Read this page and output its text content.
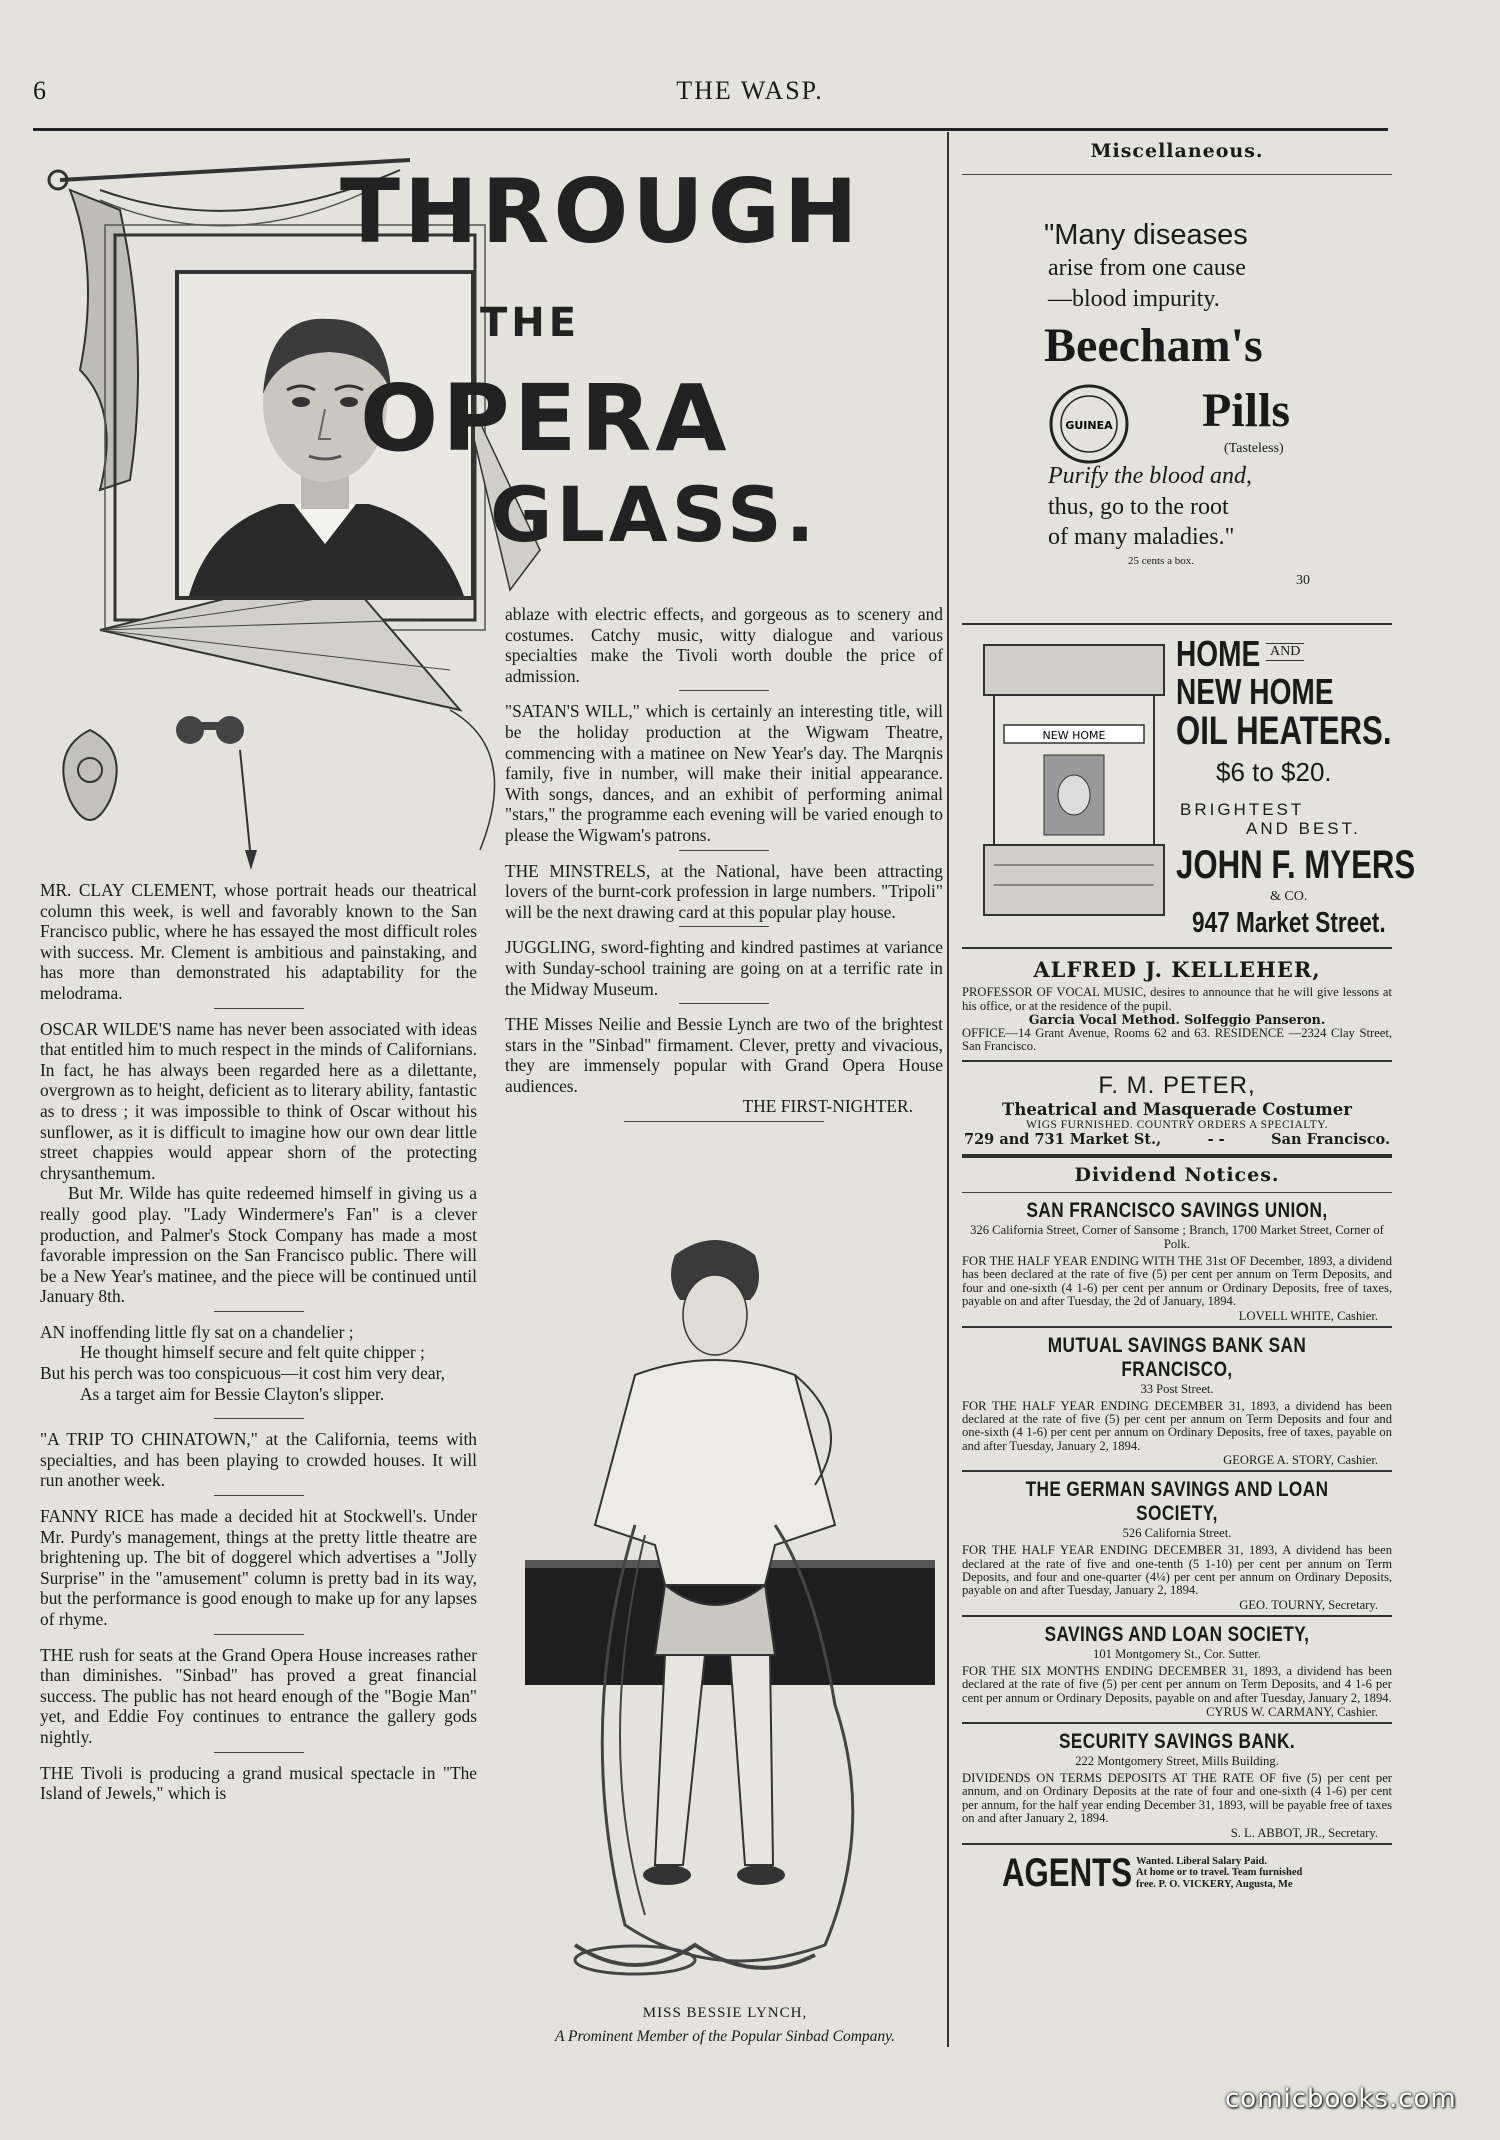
6	THE WASP.
THROUGH
THE
OPERA
GLASS.

MR. CLAY CLEMENT, whose portrait heads our theatrical column this week, is well and favorably known to the San Francisco public, where he has essayed the most difficult roles with success. Mr. Clement is ambitious and painstaking, and has more than demonstrated his adaptability for the melodrama.

OSCAR WILDE'S name has never been associated with ideas that entitled him to much respect in the minds of Californians. In fact, he has always been regarded here as a dilettante, overgrown as to height, deficient as to literary ability, fantastic as to dress ; it was impossible to think of Oscar without his sunflower, as it is difficult to imagine how our own dear little street chappies would appear shorn of the protecting chrysanthemum.

But Mr. Wilde has quite redeemed himself in giving us a really good play. "Lady Windermere's Fan" is a clever production, and Palmer's Stock Company has made a most favorable impression on the San Francisco public. There will be a New Year's matinee, and the piece will be continued until January 8th.

AN inoffending little fly sat on a chandelier ;
He thought himself secure and felt quite chipper ;
But his perch was too conspicuous—it cost him very dear,
As a target aim for Bessie Clayton's slipper.

"A TRIP TO CHINATOWN," at the California, teems with specialties, and has been playing to crowded houses. It will run another week.

FANNY RICE has made a decided hit at Stockwell's. Under Mr. Purdy's management, things at the pretty little theatre are brightening up. The bit of doggerel which advertises a "Jolly Surprise" in the "amusement" column is pretty bad in its way, but the performance is good enough to make up for any lapses of rhyme.

THE rush for seats at the Grand Opera House increases rather than diminishes. "Sinbad" has proved a great financial success. The public has not heard enough of the "Bogie Man" yet, and Eddie Foy continues to entrance the gallery gods nightly.

THE Tivoli is producing a grand musical spectacle in "The Island of Jewels," which is

ablaze with electric effects, and gorgeous as to scenery and costumes. Catchy music, witty dialogue and various specialties make the Tivoli worth double the price of admission.

"SATAN'S WILL," which is certainly an interesting title, will be the holiday production at the Wigwam Theatre, commencing with a matinee on New Year's day. The Marqnis family, five in number, will make their initial appearance. With songs, dances, and an exhibit of performing animal "stars," the programme each evening will be varied enough to please the Wigwam's patrons.

THE MINSTRELS, at the National, have been attracting lovers of the burnt-cork profession in large numbers. "Tripoli" will be the next drawing card at this popular play house.

JUGGLING, sword-fighting and kindred pastimes at variance with Sunday-school training are going on at a terrific rate in the Midway Museum.

THE Misses Neilie and Bessie Lynch are two of the brightest stars in the "Sinbad" firmament. Clever, pretty and vivacious, they are immensely popular with Grand Opera House audiences.

THE FIRST-NIGHTER.

MISS BESSIE LYNCH,
A Prominent Member of the Popular Sinbad Company.
Miscellaneous.
"Many diseases
arise from one cause
—blood impurity.
Beecham's
GUINEA Pills
(Tasteless)
Purify the blood and,
thus, go to the root
of many maladies."
25 cents a box.
30
NEW HOME
HOME AND
NEW HOME
OIL HEATERS.
$6 to $20.
BRIGHTEST
AND BEST.
JOHN F. MYERS
& CO.
947 Market Street.
ALFRED J. KELLEHER,
PROFESSOR OF VOCAL MUSIC, desires to announce that he will give lessons at his office, or at the residence of the pupil.
Garcia Vocal Method. Solfeggio Panseron.
OFFICE—14 Grant Avenue, Rooms 62 and 63. RESIDENCE —2324 Clay Street, San Francisco.
F. M. PETER,
Theatrical and Masquerade Costumer
WIGS FURNISHED. COUNTRY ORDERS A SPECIALTY.
729 and 731 Market St.,	- -	San Francisco.
Dividend Notices.
SAN FRANCISCO SAVINGS UNION,
326 California Street, Corner of Sansome ; Branch, 1700 Market Street, Corner of Polk.
FOR THE HALF YEAR ENDING WITH THE 31st OF December, 1893, a dividend has been declared at the rate of five (5) per cent per annum on Term Deposits, and four and one-sixth (4 1-6) per cent per annum or Ordinary Deposits, free of taxes, payable on and after Tuesday, the 2d of January, 1894.
LOVELL WHITE, Cashier.
MUTUAL SAVINGS BANK SAN FRANCISCO,
33 Post Street.
FOR THE HALF YEAR ENDING DECEMBER 31, 1893, a dividend has been declared at the rate of five (5) per cent per annum on Term Deposits and four and one-sixth (4 1-6) per cent per annum on Ordinary Deposits, free of taxes, payable on and after Tuesday, January 2, 1894.
GEORGE A. STORY, Cashier.
THE GERMAN SAVINGS AND LOAN SOCIETY,
526 California Street.
FOR THE HALF YEAR ENDING DECEMBER 31, 1893, A dividend has been declared at the rate of five and one-tenth (5 1-10) per cent per annum on Term Deposits, and four and one-quarter (4¼) per cent per annum on Ordinary Deposits, payable on and after Tuesday, January 2, 1894.
GEO. TOURNY, Secretary.
SAVINGS AND LOAN SOCIETY,
101 Montgomery St., Cor. Sutter.
FOR THE SIX MONTHS ENDING DECEMBER 31, 1893, a dividend has been declared at the rate of five (5) per cent per annum on Term Deposits, and 4 1-6 per cent per annum or Ordinary Deposits, payable on and after Tuesday, January 2, 1894.
CYRUS W. CARMANY, Cashier.
SECURITY SAVINGS BANK.
222 Montgomery Street, Mills Building.
DIVIDENDS ON TERMS DEPOSITS AT THE RATE OF five (5) per cent per annum, and on Ordinary Deposits at the rate of four and one-sixth (4 1-6) per cent per annum, for the half year ending December 31, 1893, will be payable free of taxes on and after January 2, 1894.
S. L. ABBOT, JR., Secretary.
AGENTS Wanted. Liberal Salary Paid.
At home or to travel. Team furnished
free. P. O. VICKERY, Augusta, Me
comicbooks.com
